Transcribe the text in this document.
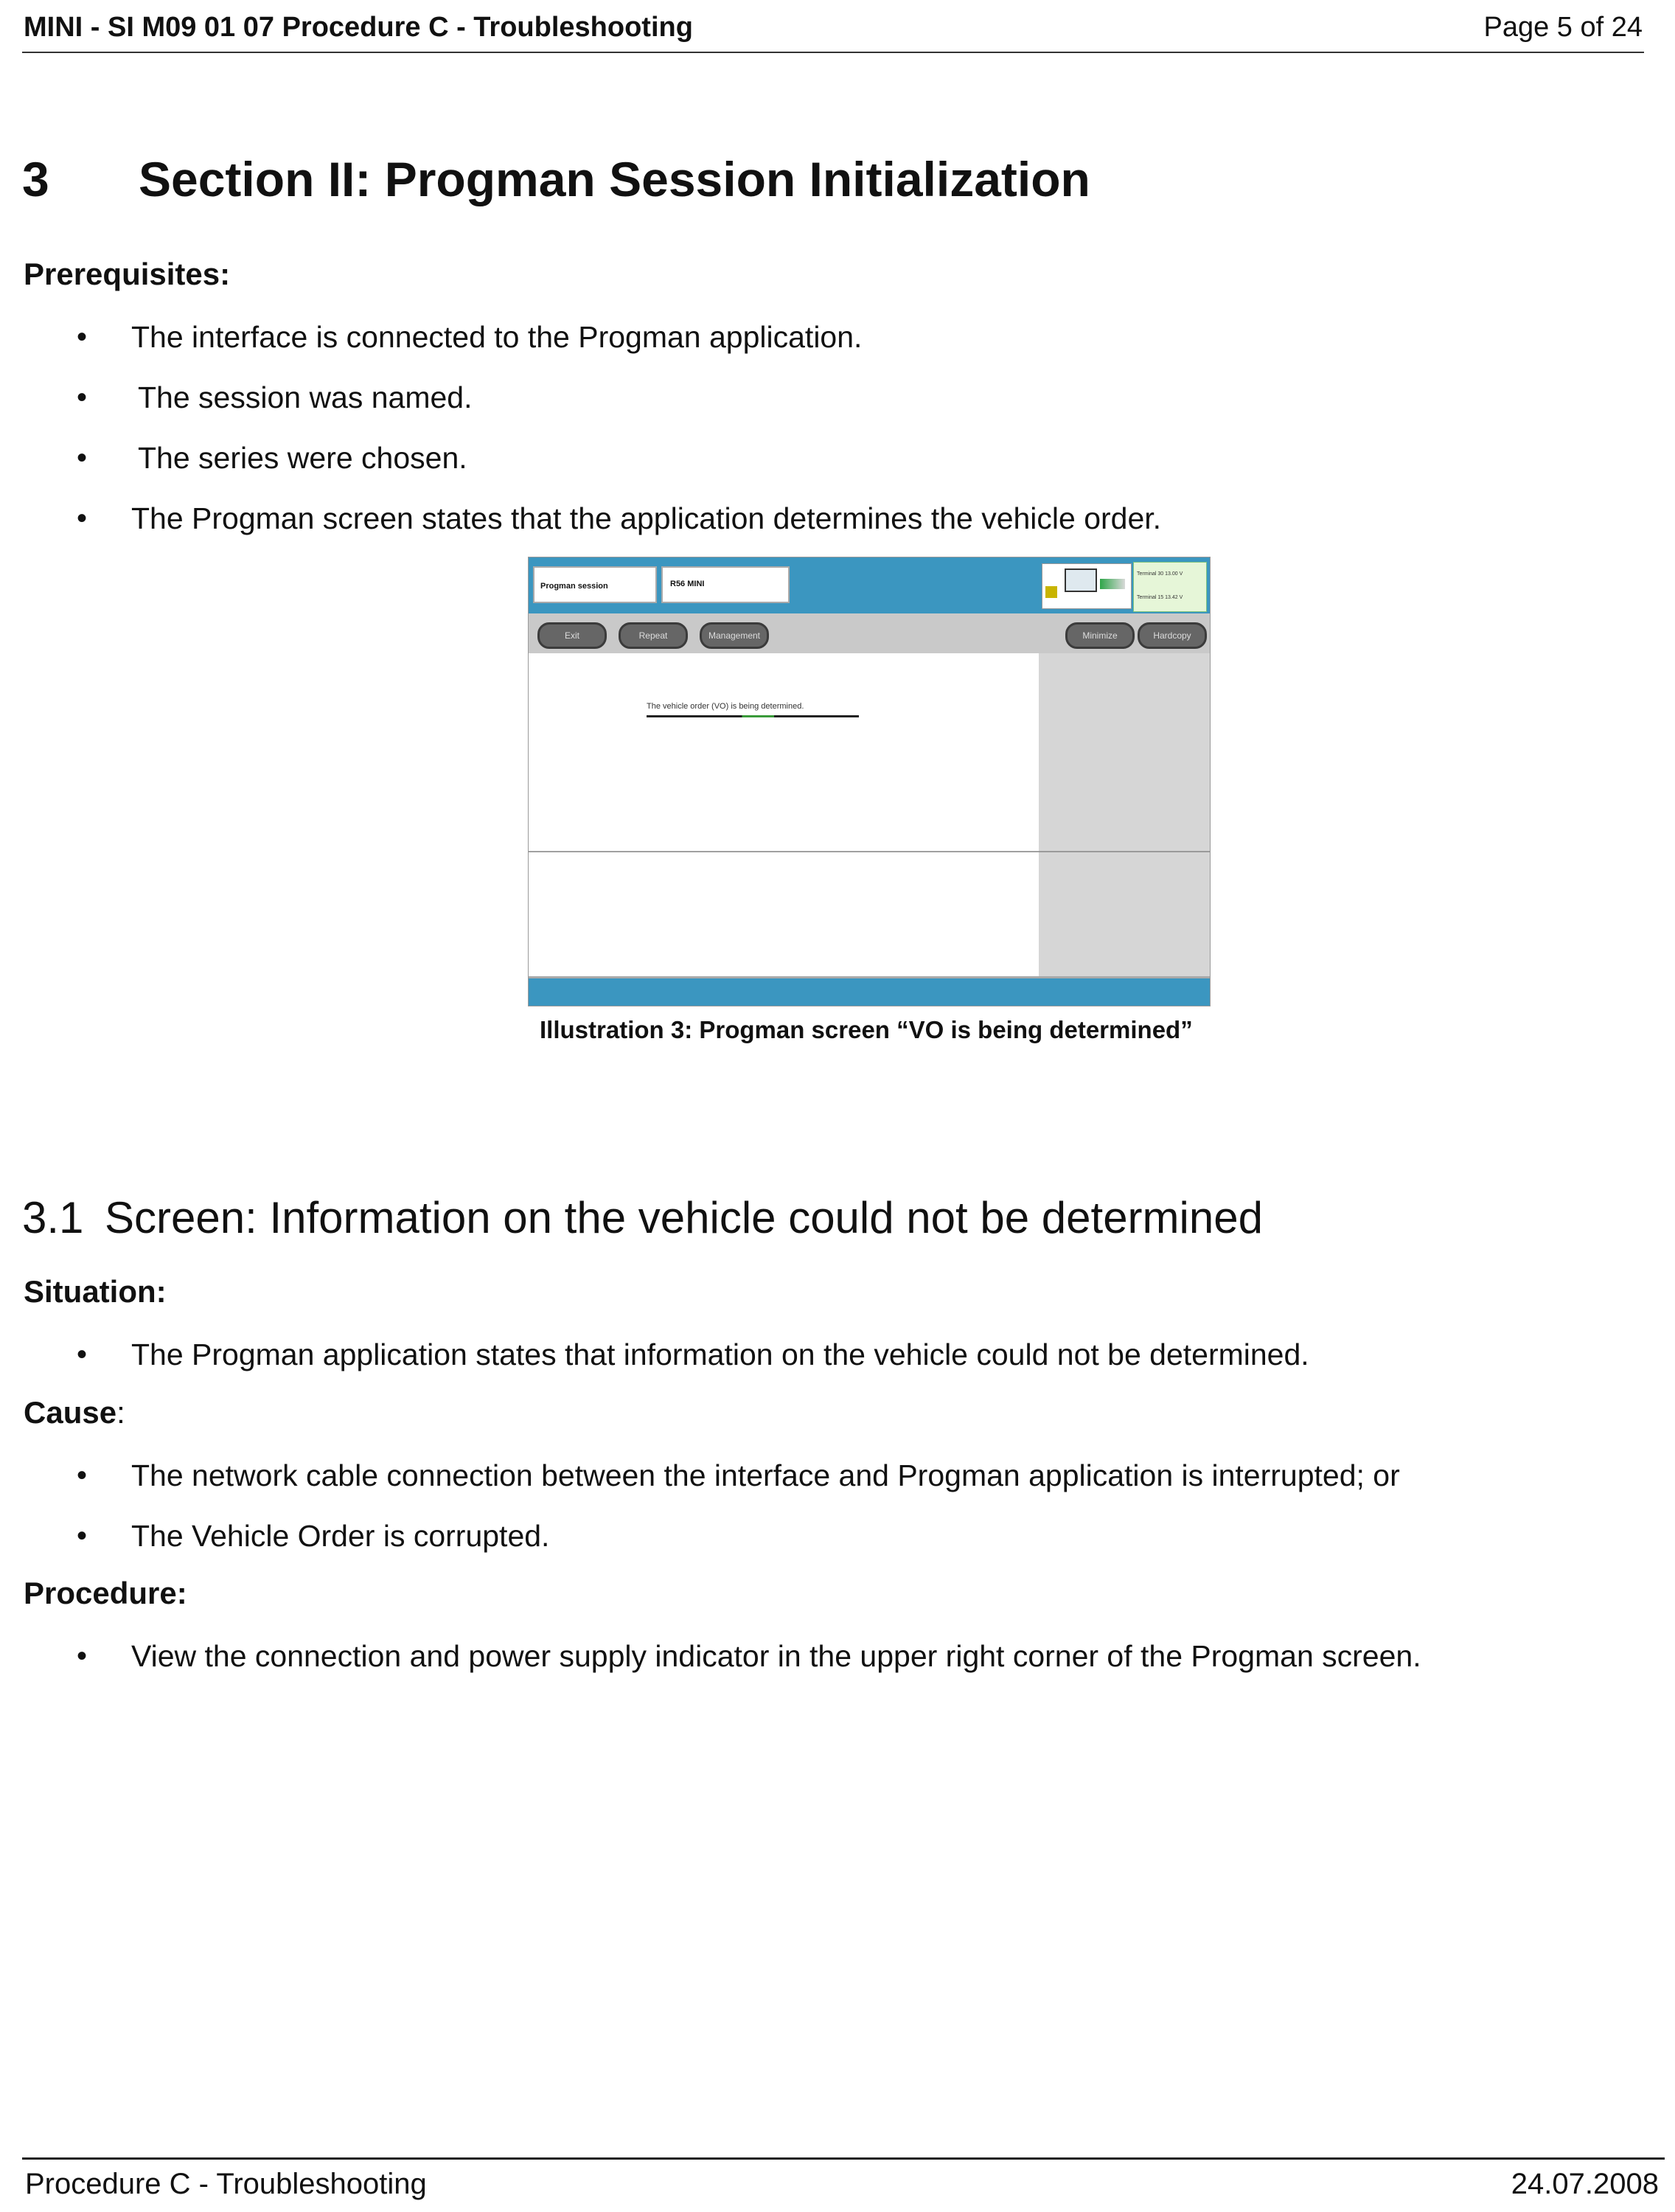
MINI - SI M09 01 07 Procedure C - Troubleshooting	Page 5 of 24
3 Section II: Progman Session Initialization
Prerequisites:
• The interface is connected to the Progman application.
• The session was named.
• The series were chosen.
• The Progman screen states that the application determines the vehicle order.
Progman session	R56 MINI
Terminal 30 13.00 V
Terminal 15 13.42 V
Exit	Repeat	Management	Minimize	Hardcopy
The vehicle order (VO) is being determined.
Illustration 3: Progman screen “VO is being determined”
3.1 Screen: Information on the vehicle could not be determined
Situation:
• The Progman application states that information on the vehicle could not be determined.
Cause:
• The network cable connection between the interface and Progman application is interrupted; or
• The Vehicle Order is corrupted.
Procedure:
• View the connection and power supply indicator in the upper right corner of the Progman screen.
Procedure C - Troubleshooting	24.07.2008
